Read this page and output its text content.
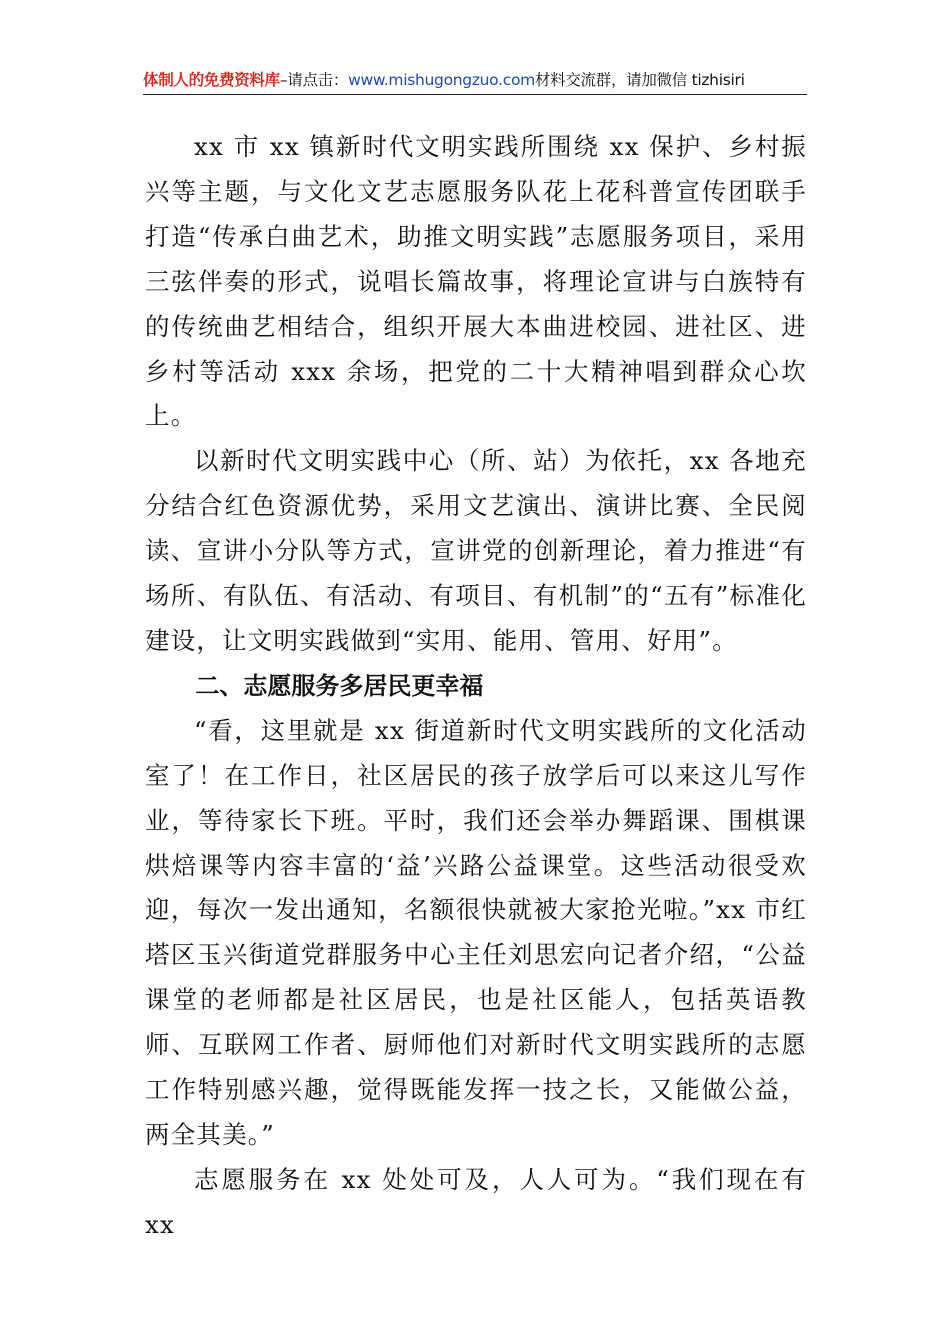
体制人的免费资料库–请点击：www.mishugongzuo.com材料交流群，请加微信 tizhisiri

xx 市 xx 镇新时代文明实践所围绕 xx 保护、乡村振兴等主题，与文化文艺志愿服务队花上花科普宣传团联手打造“传承白曲艺术，助推文明实践”志愿服务项目，采用三弦伴奏的形式，说唱长篇故事，将理论宣讲与白族特有的传统曲艺相结合，组织开展大本曲进校园、进社区、进乡村等活动 xxx 余场，把党的二十大精神唱到群众心坎上。

以新时代文明实践中心（所、站）为依托，xx 各地充分结合红色资源优势，采用文艺演出、演讲比赛、全民阅读、宣讲小分队等方式，宣讲党的创新理论，着力推进“有场所、有队伍、有活动、有项目、有机制”的“五有”标准化建设，让文明实践做到“实用、能用、管用、好用”。

二、志愿服务多居民更幸福

“看，这里就是 xx 街道新时代文明实践所的文化活动室了！在工作日，社区居民的孩子放学后可以来这儿写作业，等待家长下班。平时，我们还会举办舞蹈课、围棋课烘焙课等内容丰富的‘益’兴路公益课堂。这些活动很受欢迎，每次一发出通知，名额很快就被大家抢光啦。”xx 市红塔区玉兴街道党群服务中心主任刘思宏向记者介绍，“公益课堂的老师都是社区居民，也是社区能人，包括英语教师、互联网工作者、厨师他们对新时代文明实践所的志愿工作特别感兴趣，觉得既能发挥一技之长，又能做公益，两全其美。”

志愿服务在 xx 处处可及，人人可为。“我们现在有 xx
